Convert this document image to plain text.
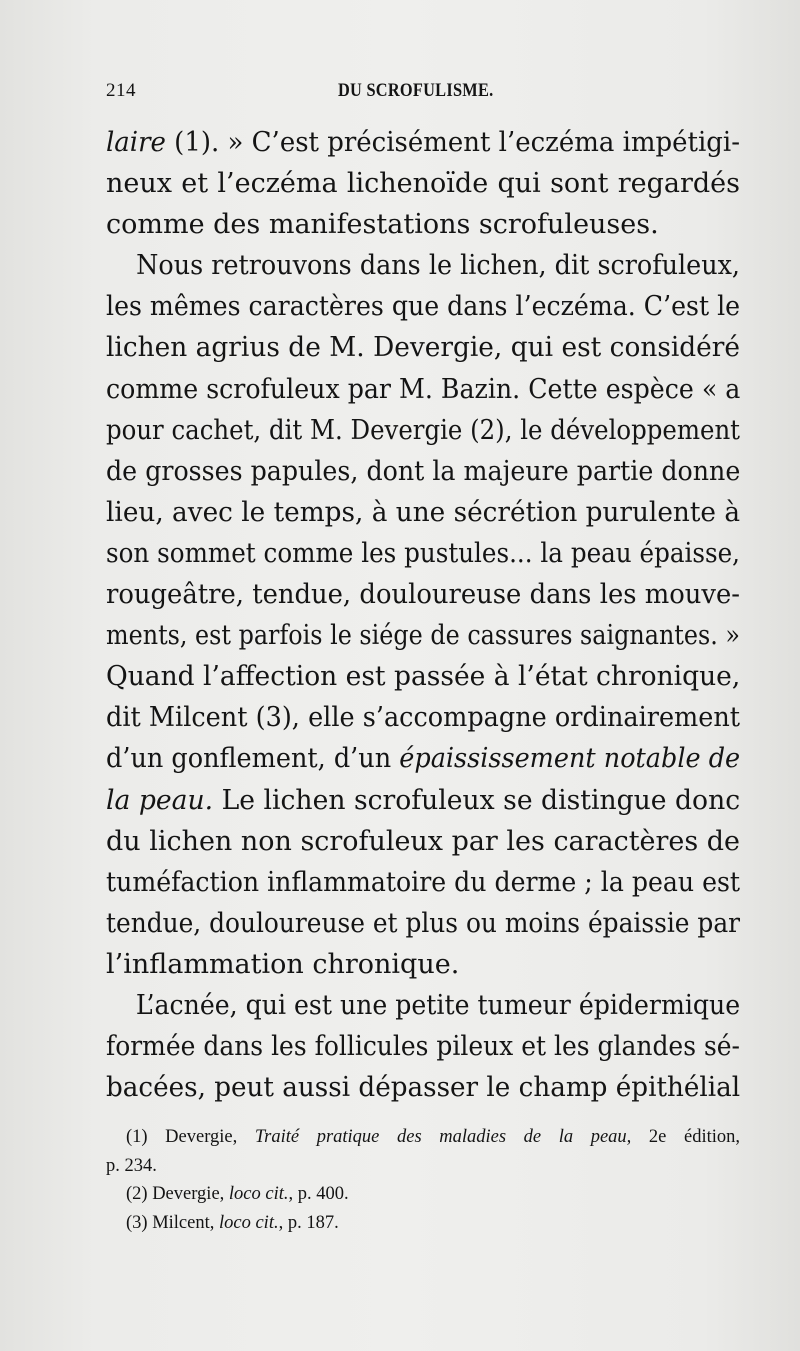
214	DU SCROFULISME.
laire (1). » C’est précisément l’eczéma impétigi-
neux et l’eczéma lichenoïde qui sont regardés
comme des manifestations scrofuleuses.
Nous retrouvons dans le lichen, dit scrofuleux,
les mêmes caractères que dans l’eczéma. C’est le
lichen agrius de M. Devergie, qui est considéré
comme scrofuleux par M. Bazin. Cette espèce « a
pour cachet, dit M. Devergie (2), le développement
de grosses papules, dont la majeure partie donne
lieu, avec le temps, à une sécrétion purulente à
son sommet comme les pustules... la peau épaisse,
rougeâtre, tendue, douloureuse dans les mouve-
ments, est parfois le siége de cassures saignantes. »
Quand l’affection est passée à l’état chronique,
dit Milcent (3), elle s’accompagne ordinairement
d’un gonflement, d’un épaississement notable de
la peau. Le lichen scrofuleux se distingue donc
du lichen non scrofuleux par les caractères de
tuméfaction inflammatoire du derme ; la peau est
tendue, douloureuse et plus ou moins épaissie par
l’inflammation chronique.
L’acnée, qui est une petite tumeur épidermique
formée dans les follicules pileux et les glandes sé-
bacées, peut aussi dépasser le champ épithélial
(1) Devergie, Traité pratique des maladies de la peau, 2e édition,
p. 234.
(2) Devergie, loco cit., p. 400.
(3) Milcent, loco cit., p. 187.
